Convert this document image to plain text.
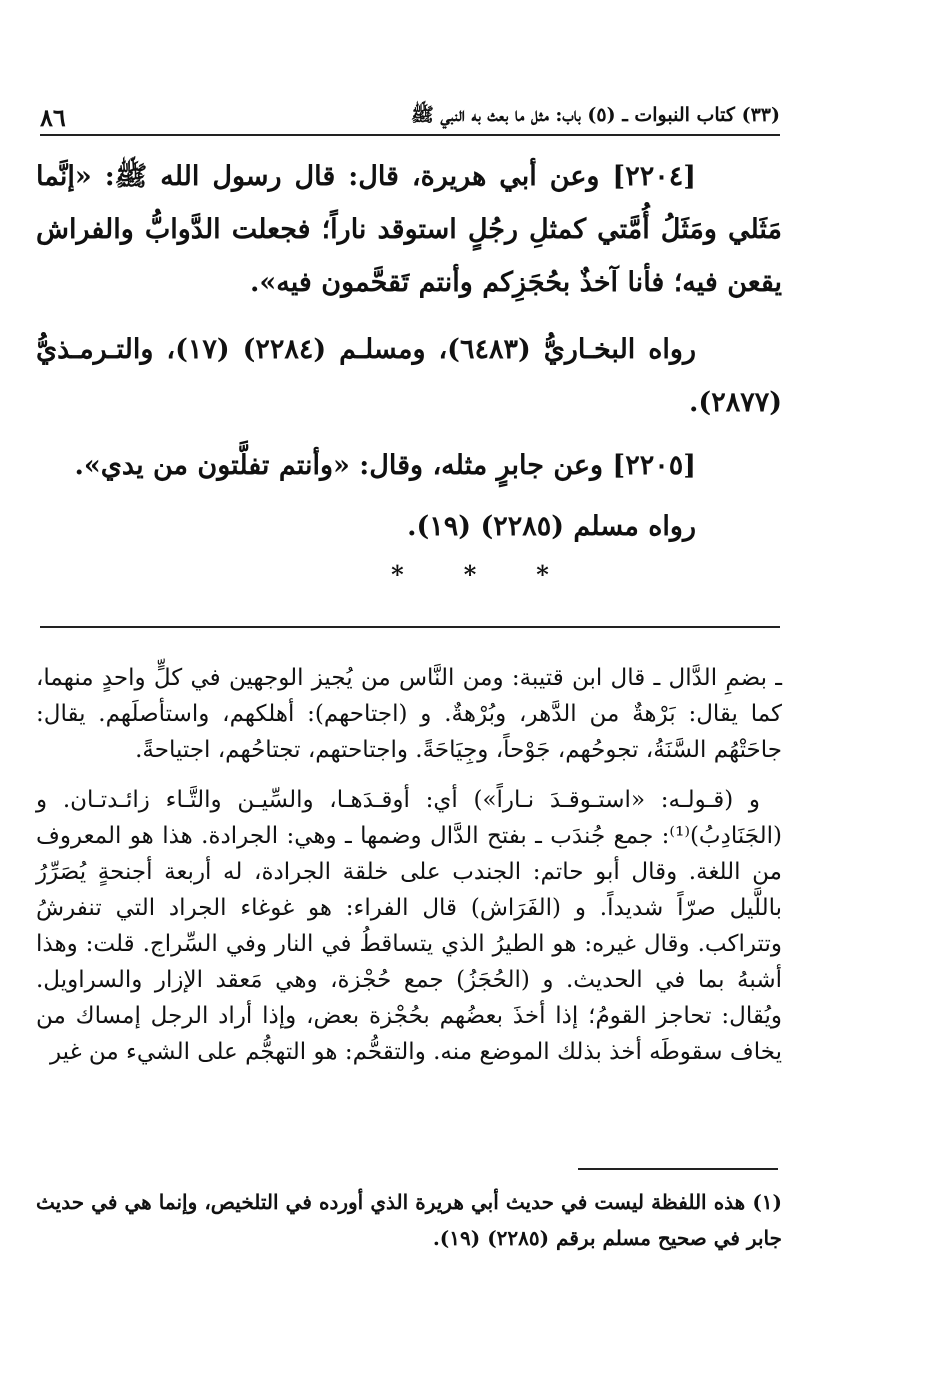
(٣٣) كتاب النبوات ـ (٥) باب: مثل ما بعث به النبي ﷺ
٨٦

[٢٢٠٤] وعن أبي هريرة، قال: قال رسول الله ﷺ: «إنَّما مَثَلي ومَثَلُ أُمَّتي كمثلِ رجُلٍ استوقد ناراً؛ فجعلت الدَّوابُّ والفراش يقعن فيه؛ فأنا آخذٌ بحُجَزِكم وأنتم تَقحَّمون فيه».

رواه البخـاريُّ (٦٤٨٣)، ومسلـم (٢٢٨٤) (١٧)، والتـرمـذيُّ (٢٨٧٧).

[٢٢٠٥] وعن جابرٍ مثله، وقال: «وأنتم تفلَّتون من يدي».

رواه مسلم (٢٢٨٥) (١٩).

*	*	*

ـ بضمِ الدَّال ـ قال ابن قتيبة: ومن النَّاس من يُجيز الوجهين في كلٍّ واحدٍ منهما، كما يقال: بَرْهةٌ من الدَّهر، وبُرْهةٌ. و (اجتاحهم): أهلكهم، واستأصلَهم. يقال: جاحَتْهُم السَّنَةُ، تجوحُهم، جَوْحاً، وجِيَاحَةً. واجتاحتهم، تجتاحُهم، اجتياحةً.

و (قـولـه: «استـوقـدَ نـاراً») أي: أوقـدَهـا، والسِّيـن والتَّـاء زائـدتـان. و (الجَنَادِبُ)⁽¹⁾: جمع جُندَب ـ بفتح الدَّال وضمها ـ وهي: الجرادة. هذا هو المعروف من اللغة. وقال أبو حاتم: الجندب على خلقة الجرادة، له أربعة أجنحةٍ يُصَرِّرُ باللَّيل صرّاً شديداً. و (الفَرَاش) قال الفراء: هو غوغاء الجراد التي تنفرشُ وتتراكب. وقال غيره: هو الطيرُ الذي يتساقطُ في النار وفي السِّراج. قلت: وهذا أشبهُ بما في الحديث. و (الحُجَزُ) جمع حُجْزة، وهي مَعقد الإزار والسراويل. ويُقال: تحاجز القومُ؛ إذا أخذَ بعضُهم بحُجْزة بعض، وإذا أراد الرجل إمساك من يخاف سقوطَه أخذ بذلك الموضع منه. والتقحُّم: هو التهجُّم على الشيء من غير

(١) هذه اللفظة ليست في حديث أبي هريرة الذي أورده في التلخيص، وإنما هي في حديث جابر في صحيح مسلم برقم (٢٢٨٥) (١٩).
